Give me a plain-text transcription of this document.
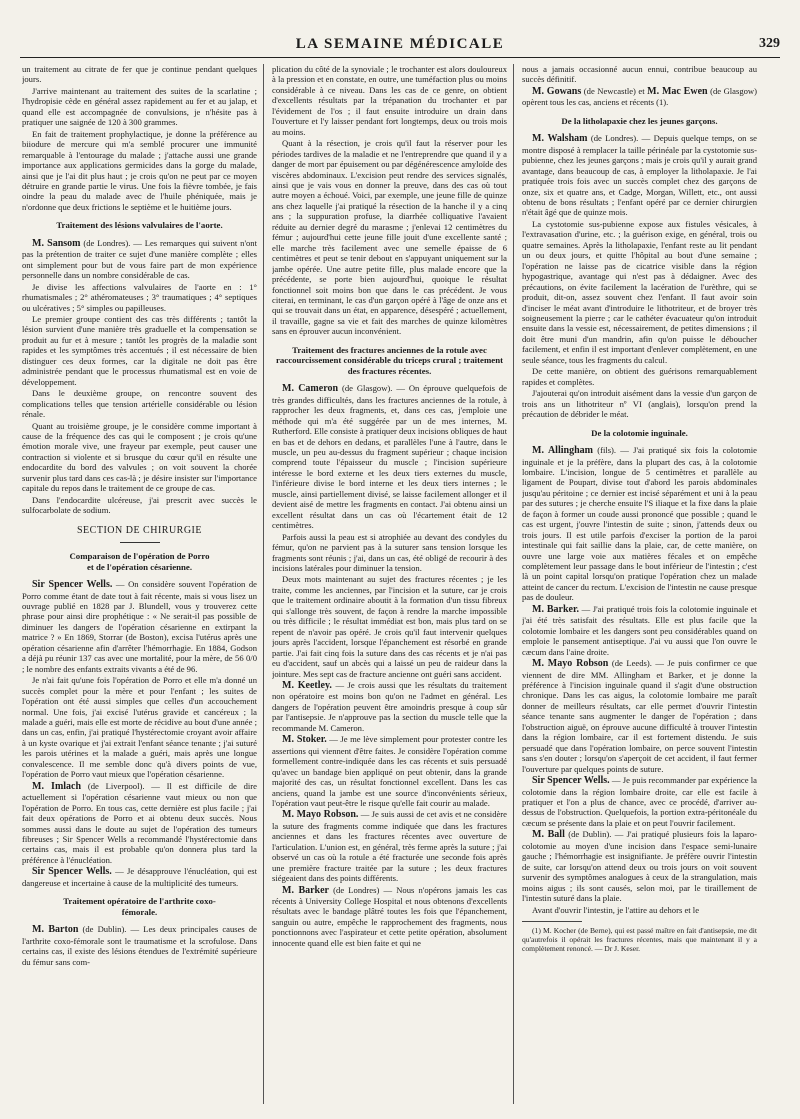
LA SEMAINE MÉDICALE	329

un traitement au citrate de fer que je continue pendant quelques jours.

J'arrive maintenant au traitement des suites de la scarlatine ; l'hydropisie cède en général assez rapidement au fer et au jalap, et quand elle est accompagnée de convulsions, je n'hésite pas à pratiquer une saignée de 120 à 300 grammes.

En fait de traitement prophylactique, je donne la préférence au biiodure de mercure qui m'a semblé procurer une immunité remarquable à l'entourage du malade ; j'attache aussi une grande importance aux applications germicides dans la gorge du malade, ainsi que je l'ai dit plus haut ; je crois qu'on ne peut par ce moyen détruire en grande partie le virus. Une fois la fièvre tombée, je fais oindre la peau du malade avec de l'huile phéniquée, mais je n'ordonne que deux frictions le septième et le huitième jours.

Traitement des lésions valvulaires de l'aorte.

M. Sansom (de Londres). — Les remarques qui suivent n'ont pas la prétention de traiter ce sujet d'une manière complète ; elles ont simplement pour but de vous faire part de mon expérience personnelle dans un nombre considérable de cas.

Je divise les affections valvulaires de l'aorte en : 1° rhumatismales ; 2° athéromateuses ; 3° traumatiques ; 4° septiques ou ulcératives ; 5° simples ou papilleuses.

Le premier groupe contient des cas très différents ; tantôt la lésion survient d'une manière très graduelle et la compensation se produit au fur et à mesure ; tantôt les progrès de la maladie sont rapides et les symptômes très accentués ; il est nécessaire de bien distinguer ces deux formes, car la digitale ne doit pas être administrée pendant que le processus rhumatismal est en voie de développement.

Dans le deuxième groupe, on rencontre souvent des complications telles que tension artérielle considérable ou lésion rénale.

Quant au troisième groupe, je le considère comme important à cause de la fréquence des cas qui le composent ; je crois qu'une émotion morale vive, une frayeur par exemple, peut causer une contraction si violente et si brusque du cœur qu'il en résulte une endocardite du bord des valvules ; on voit souvent la chorée survenir plus tard dans ces cas-là ; je désire insister sur l'importance capitale du repos dans le traitement de ce groupe de cas.

Dans l'endocardite ulcéreuse, j'ai prescrit avec succès le sulfocarbolate de sodium.

SECTION DE CHIRURGIE
Comparaison de l'opération de Porro
et de l'opération césarienne.

Sir Spencer Wells. — On considère souvent l'opération de Porro comme étant de date tout à fait récente, mais si vous lisez un ouvrage publié en 1828 par J. Blundell, vous y trouverez cette phrase pour ainsi dire prophétique : « Ne serait-il pas possible de diminuer les dangers de l'opération césarienne en extirpant la matrice ? » En 1869, Storrar (de Boston), excisa l'utérus après une opération césarienne afin d'arrêter l'hémorrhagie. En 1884, Godson a déjà pu réunir 137 cas avec une mortalité, pour la mère, de 56 0/0 ; le nombre des enfants extraits vivants a été de 96.

Je n'ai fait qu'une fois l'opération de Porro et elle m'a donné un succès complet pour la mère et pour l'enfant ; les suites de l'opération ont été aussi simples que celles d'un accouchement normal. Une fois, j'ai excisé l'utérus gravide et cancéreux ; la malade a guéri, mais elle est morte de récidive au bout d'une année ; dans un cas, enfin, j'ai pratiqué l'hystérectomie croyant avoir affaire à un kyste ovarique et j'ai extrait l'enfant séance tenante ; j'ai suturé les parois utérines et la malade a guéri, mais après une longue convalescence. Il me semble donc qu'à divers points de vue, l'opération de Porro vaut mieux que l'opération césarienne.

M. Imlach (de Liverpool). — Il est difficile de dire actuellement si l'opération césarienne vaut mieux ou non que l'opération de Porro. En tous cas, cette dernière est plus facile ; j'ai fait deux opérations de Porro et ai obtenu deux succès. Nous sommes aussi dans le doute au sujet de l'opération des tumeurs fibreuses ; Sir Spencer Wells a recommandé l'hystérectomie dans certains cas, mais il est probable qu'on donnera plus tard la préférence à l'énucléation.

Sir Spencer Wells. — Je désapprouve l'énucléation, qui est dangereuse et incertaine à cause de la multiplicité des tumeurs.

Traitement opératoire de l'arthrite coxo-
fémorale.

M. Barton (de Dublin). — Les deux principales causes de l'arthrite coxo-fémorale sont le traumatisme et la scrofulose. Dans certains cas, il existe des lésions étendues de l'extrémité supérieure du fémur sans com-

plication du côté de la synoviale ; le trochanter est alors douloureux à la pression et en constate, en outre, une tuméfaction plus ou moins considérable à ce niveau. Dans les cas de ce genre, on obtient d'excellents résultats par la trépanation du trochanter et par l'évidement de l'os ; il faut ensuite introduire un drain dans l'ouverture et l'y laisser pendant fort longtemps, deux ou trois mois au moins.

Quant à la résection, je crois qu'il faut la réserver pour les périodes tardives de la maladie et ne l'entreprendre que quand il y a danger de mort par épuisement ou par dégénérescence amyloïde des viscères abdominaux. L'excision peut rendre des services signalés, ainsi que je vais vous en donner la preuve, dans des cas où tout autre moyen a échoué. Voici, par exemple, une jeune fille de quinze ans chez laquelle j'ai pratiqué la résection de la hanche il y a cinq ans ; la suppuration profuse, la diarrhée colliquative l'avaient réduite au dernier degré du marasme ; j'enlevai 12 centimètres du fémur ; aujourd'hui cette jeune fille jouit d'une excellente santé ; elle marche très facilement avec une semelle épaisse de 6 centimètres et peut se tenir debout en s'appuyant uniquement sur la jambe opérée. Une autre petite fille, plus malade encore que la précédente, se porte bien aujourd'hui, quoique le résultat fonctionnel soit moins bon que dans le cas précédent. Je vous citerai, en terminant, le cas d'un garçon opéré à l'âge de onze ans et qui se trouvait dans un état, en apparence, désespéré ; actuellement, il travaille, gagne sa vie et fait des marches de quinze kilomètres sans en éprouver aucun inconvénient.

Traitement des fractures anciennes de la rotule avec raccourcissement considérable du triceps crural ; traitement des fractures récentes.

M. Cameron (de Glasgow). — On éprouve quelquefois de très grandes difficultés, dans les fractures anciennes de la rotule, à rapprocher les deux fragments, et, dans ces cas, j'emploie une méthode qui m'a été suggérée par un de mes internes, M. Rutherford. Elle consiste à pratiquer deux incisions obliques de haut en bas et de dehors en dedans, et parallèles l'une à l'autre, dans le muscle, un peu au-dessus du fragment supérieur ; chaque incision comprend toute l'épaisseur du muscle ; l'incision supérieure intéresse le bord externe et les deux tiers externes du muscle, l'inférieure divise le bord interne et les deux tiers internes ; le muscle, ainsi partiellement divisé, se laisse facilement allonger et il devient aisé de mettre les fragments en contact. J'ai obtenu ainsi un excellent résultat dans un cas où l'écartement était de 12 centimètres.

Parfois aussi la peau est si atrophiée au devant des condyles du fémur, qu'on ne parvient pas à la suturer sans tension lorsque les fragments sont réunis ; j'ai, dans un cas, été obligé de recourir à des incisions latérales pour diminuer la tension.

Deux mots maintenant au sujet des fractures récentes ; je les traite, comme les anciennes, par l'incision et la suture, car je crois que le traitement ordinaire aboutit à la formation d'un tissu fibreux qui s'allonge très souvent, de façon à rendre la marche impossible ou très difficile ; le résultat immédiat est bon, mais plus tard on se repent de n'avoir pas opéré. Je crois qu'il faut intervenir quelques jours après l'accident, lorsque l'épanchement est résorbé en grande partie. J'ai fait cinq fois la suture dans des cas récents et je n'ai pas eu d'accident, sauf un abcès qui a laissé un peu de raideur dans la jointure. Mes sept cas de fracture ancienne ont guéri sans accident.

M. Keetley. — Je crois aussi que les résultats du traitement non opératoire est moins bon qu'on ne l'admet en général. Les dangers de l'opération peuvent être amoindris presque à coup sûr par l'antisepsie. Je n'approuve pas la section du muscle telle que la recommande M. Cameron.

M. Stoker. — Je me lève simplement pour protester contre les assertions qui viennent d'être faites. Je considère l'opération comme formellement contre-indiquée dans les cas récents et suis persuadé qu'avec un bandage bien appliqué on peut obtenir, dans la grande majorité des cas, un résultat fonctionnel excellent. Dans les cas anciens, quand la jambe est une source d'inconvénients sérieux, l'opération vaut peut-être le risque qu'elle fait courir au malade.

M. Mayo Robson. — Je suis aussi de cet avis et ne considère la suture des fragments comme indiquée que dans les fractures anciennes et dans les fractures récentes avec ouverture de l'articulation. L'union est, en général, très ferme après la suture ; j'ai observé un cas où la rotule a été fracturée une seconde fois après une première fracture traitée par la suture ; les deux fractures siégeaient dans des points différents.

M. Barker (de Londres) — Nous n'opérons jamais les cas récents à University College Hospital et nous obtenons d'excellents résultats avec le bandage plâtré toutes les fois que l'épanchement, sanguin ou autre, empêche le rapprochement des fragments, nous ponctionnons avec l'aspirateur et cette petite opération, absolument innocente quand elle est bien faite et qui ne

nous a jamais occasionné aucun ennui, contribue beaucoup au succès définitif.

M. Gowans (de Newcastle) et M. Mac Ewen (de Glasgow) opèrent tous les cas, anciens et récents (1).

De la litholapaxie chez les jeunes garçons.

M. Walsham (de Londres). — Depuis quelque temps, on se montre disposé à remplacer la taille périnéale par la cystotomie sus-pubienne, chez les jeunes garçons ; mais je crois qu'il y aurait grand avantage, dans beaucoup de cas, à employer la litholapaxie. Je l'ai pratiquée trois fois avec un succès complet chez des garçons de onze, six et quatre ans, et Cadge, Morgan, Willett, etc., ont aussi obtenu de bons résultats ; l'enfant opéré par ce dernier chirurgien n'était âgé que de quinze mois.

La cystotomie sus-pubienne expose aux fistules vésicales, à l'extravasation d'urine, etc. ; la guérison exige, en général, trois ou quatre semaines. Après la litholapaxie, l'enfant reste au lit pendant un ou deux jours, et quitte l'hôpital au bout d'une semaine ; l'opération ne laisse pas de cicatrice visible dans la région hypogastrique, avantage qui n'est pas à dédaigner. Avec des précautions, on évite facilement la lacération de l'urèthre, qui se produit, dit-on, assez souvent chez l'enfant. Il faut avoir soin d'inciser le méat avant d'introduire le lithotriteur, et de broyer très soigneusement la pierre ; car le cathéter évacuateur qu'on introduit ensuite dans la vessie est, nécessairement, de petites dimensions ; il doit être muni d'un mandrin, afin qu'on puisse le déboucher facilement, et enfin il est important d'enlever complètement, en une seule séance, tous les fragments du calcul.

De cette manière, on obtient des guérisons remarquablement rapides et complètes.

J'ajouterai qu'on introduit aisément dans la vessie d'un garçon de trois ans un lithotriteur nº VI (anglais), lorsqu'on prend la précaution de débrider le méat.

De la colotomie inguinale.

M. Allingham (fils). — J'ai pratiqué six fois la colotomie inguinale et je la préfère, dans la plupart des cas, à la colotomie lombaire. L'incision, longue de 5 centimètres et parallèle au ligament de Poupart, divise tout d'abord les parois abdominales jusqu'au péritoine ; ce dernier est incisé séparément et uni à la peau par des sutures ; je cherche ensuite l'S iliaque et la fixe dans la plaie de façon à former un coude aussi prononcé que possible ; quand le cas est urgent, j'ouvre l'intestin de suite ; sinon, j'attends deux ou trois jours. Il est utile parfois d'exciser la portion de la paroi intestinale qui fait saillie dans la plaie, car, de cette manière, on ouvre une large voie aux matières fécales et on empêche complètement leur passage dans le bout inférieur de l'intestin ; c'est là un point capital lorsqu'on pratique l'opération chez un malade atteint de cancer du rectum. L'excision de l'intestin ne cause presque pas de douleur.

M. Barker. — J'ai pratiqué trois fois la colotomie inguinale et j'ai été très satisfait des résultats. Elle est plus facile que la colotomie lombaire et les dangers sont peu considérables quand on emploie le pansement antiseptique. J'ai vu aussi que l'on ouvre le cæcum dans l'aine droite.

M. Mayo Robson (de Leeds). — Je puis confirmer ce que viennent de dire MM. Allingham et Barker, et je donne la préférence à l'incision inguinale quand il s'agit d'une obstruction chronique. Dans les cas aigus, la colotomie lombaire me paraît donner de meilleurs résultats, car elle permet d'ouvrir l'intestin séance tenante sans augmenter le danger de l'opération ; dans l'obstruction aiguë, on éprouve aucune difficulté à trouver l'intestin dans la région lombaire, car il est fortement distendu. Je suis persuadé que dans l'opération lombaire, on perce souvent l'intestin sans s'en douter ; lorsqu'on s'aperçoit de cet accident, il faut fermer l'ouverture par quelques points de suture.

Sir Spencer Wells. — Je puis recommander par expérience la colotomie dans la région lombaire droite, car elle est facile à pratiquer et l'on a plus de chance, avec ce procédé, d'arriver au-dessus de l'obstruction. Quelquefois, la portion extra-péritonéale du cæcum se présente dans la plaie et on peut l'ouvrir facilement.

M. Ball (de Dublin). — J'ai pratiqué plusieurs fois la laparo-colotomie au moyen d'une incision dans l'espace semi-lunaire gauche ; l'hémorrhagie est insignifiante. Je préfère ouvrir l'intestin de suite, car lorsqu'on attend deux ou trois jours on voit souvent survenir des symptômes analogues à ceux de la strangulation, mais moins aigus ; ils sont causés, selon moi, par le tiraillement de l'intestin suturé dans la plaie.

Avant d'ouvrir l'intestin, je l'attire au dehors et le

(1) M. Kocher (de Berne), qui est passé maître en fait d'antisepsie, me dit qu'autrefois il opérait les fractures récentes, mais que maintenant il y a complètement renoncé. — Dr J. Keser.
